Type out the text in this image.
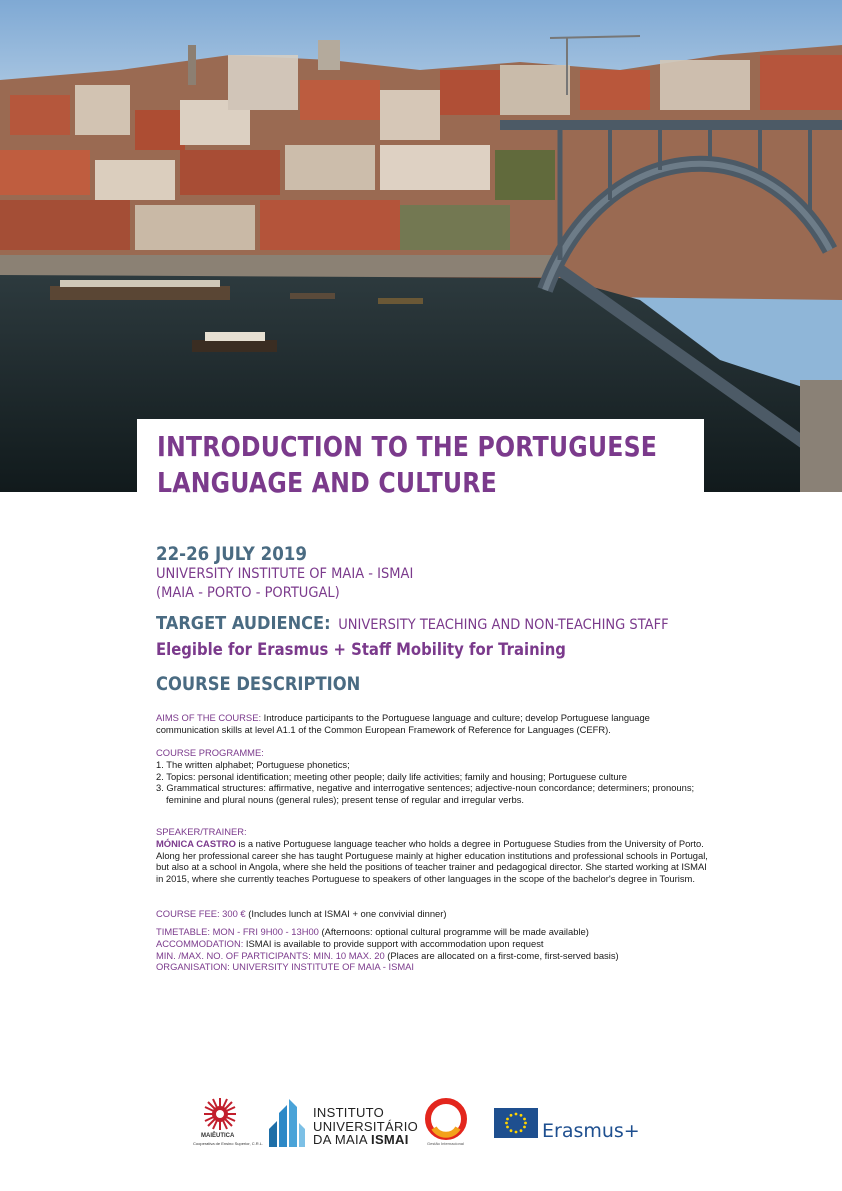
INTRODUCTION TO THE PORTUGUESE
LANGUAGE AND CULTURE
22-26 JULY 2019
UNIVERSITY INSTITUTE OF MAIA - ISMAI
(MAIA - PORTO - PORTUGAL)
TARGET AUDIENCE: UNIVERSITY TEACHING AND NON-TEACHING STAFF
Elegible for Erasmus + Staff Mobility for Training
COURSE DESCRIPTION
AIMS OF THE COURSE: Introduce participants to the Portuguese language and culture; develop Portuguese language communication skills at level A1.1 of the Common European Framework of Reference for Languages (CEFR).
COURSE PROGRAMME:
1. The written alphabet; Portuguese phonetics;
2. Topics: personal identification; meeting other people; daily life activities; family and housing; Portuguese culture
3. Grammatical structures: affirmative, negative and interrogative sentences; adjective-noun concordance; determiners; pronouns; feminine and plural nouns (general rules); present tense of regular and irregular verbs.
SPEAKER/TRAINER:
MÓNICA CASTRO is a native Portuguese language teacher who holds a degree in Portuguese Studies from the University of Porto. Along her professional career she has taught Portuguese mainly at higher education institutions and professional schools in Portugal, but also at a school in Angola, where she held the positions of teacher trainer and pedagogical director. She started working at ISMAI in 2015, where she currently teaches Portuguese to speakers of other languages in the scope of the bachelor's degree in Tourism.
COURSE FEE: 300 € (Includes lunch at ISMAI + one convivial dinner)
TIMETABLE: MON - FRI 9H00 - 13H00 (Afternoons: optional cultural programme will be made available)
ACCOMMODATION: ISMAI is available to provide support with accommodation upon request
MIN. /MAX. NO. OF PARTICIPANTS: MIN. 10 MAX. 20 (Places are allocated on a first-come, first-served basis)
ORGANISATION: UNIVERSITY INSTITUTE OF MAIA - ISMAI
MAIÊUTICA
Cooperativa de Ensino Superior, C.R.L.
INSTITUTO
UNIVERSITÁRIO
DA MAIA ISMAI	Gestão Internacional
Erasmus+
